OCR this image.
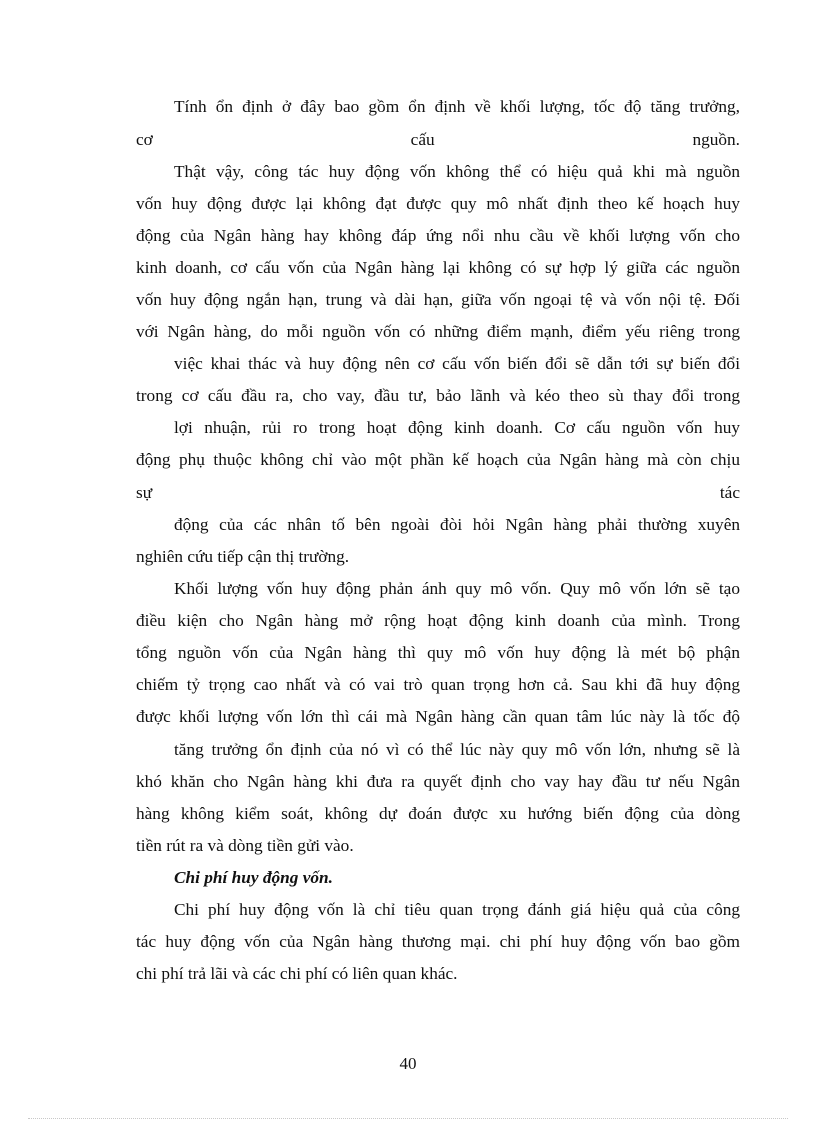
Tính ổn định ở đây bao gồm ổn định về khối lượng, tốc độ tăng trưởng,
cơ cấu nguồn.
Thật vậy, công tác huy động vốn không thể có hiệu quả khi mà nguồn
vốn huy động được lại không đạt được quy mô nhất định theo kế hoạch huy
động của Ngân hàng hay không đáp ứng nổi nhu cầu về khối lượng vốn cho
kinh doanh, cơ cấu vốn của Ngân hàng lại không có sự hợp lý giữa các nguồn
vốn huy động ngắn hạn, trung và dài hạn, giữa vốn ngoại tệ và vốn nội tệ. Đối
với Ngân hàng, do mỗi nguồn vốn có những điểm mạnh, điểm yếu riêng trong
việc khai thác và huy động nên cơ cấu vốn biến đổi sẽ dẫn tới sự biến đổi
trong cơ cấu đầu ra, cho vay, đầu tư, bảo lãnh và kéo theo sù thay đổi trong
lợi nhuận, rủi ro trong hoạt động kinh doanh. Cơ cấu nguồn vốn huy
động phụ thuộc không chỉ vào một phần kế hoạch của Ngân hàng mà còn chịu
sự tác
động của các nhân tố bên ngoài đòi hỏi Ngân hàng phải thường xuyên
nghiên cứu tiếp cận thị trường.
Khối lượng vốn huy động phản ánh quy mô vốn. Quy mô vốn lớn sẽ tạo
điều kiện cho Ngân hàng mở rộng hoạt động kinh doanh của mình. Trong
tổng nguồn vốn của Ngân hàng thì quy mô vốn huy động là mét bộ phận
chiếm tỷ trọng cao nhất và có vai trò quan trọng hơn cả. Sau khi đã huy động
được khối lượng vốn lớn thì cái mà Ngân hàng cần quan tâm lúc này là tốc độ
tăng trưởng ổn định của nó vì có thể lúc này quy mô vốn lớn, nhưng sẽ là
khó khăn cho Ngân hàng khi đưa ra quyết định cho vay hay đầu tư nếu Ngân
hàng không kiểm soát, không dự đoán được xu hướng biến động của dòng
tiền rút ra và dòng tiền gửi vào.
Chi phí huy động vốn.
Chi phí huy động vốn là chỉ tiêu quan trọng đánh giá hiệu quả của công
tác huy động vốn của Ngân hàng thương mại. chi phí huy động vốn bao gồm
chi phí trả lãi và các chi phí có liên quan khác.
40
